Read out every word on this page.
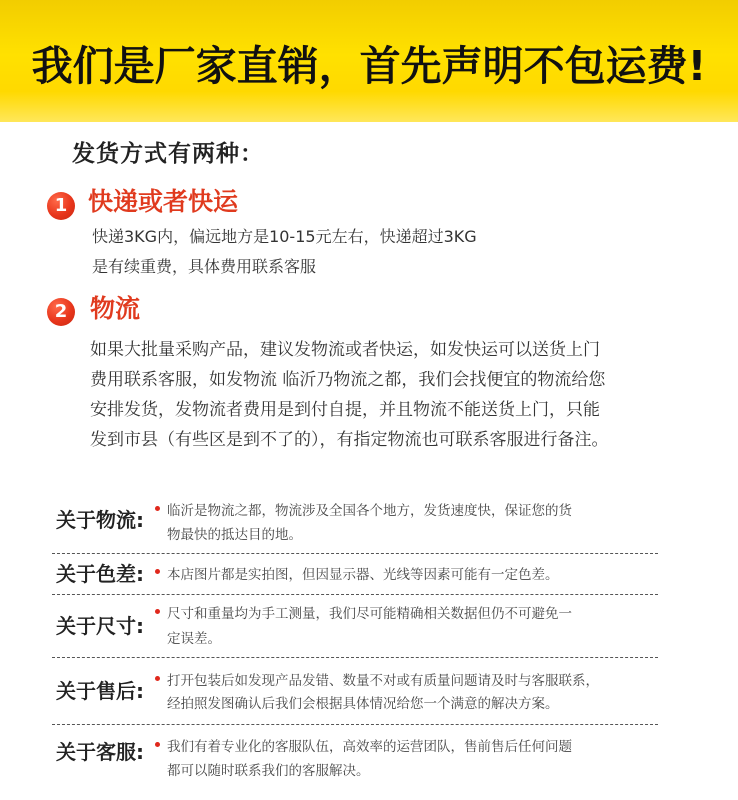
我们是厂家直销，首先声明不包运费!
发货方式有两种：
1 快递或者快运
快递3KG内，偏远地方是10-15元左右，快递超过3KG
是有续重费，具体费用联系客服
2 物流
如果大批量采购产品，建议发物流或者快运，如发快运可以送货上门
费用联系客服，如发物流 临沂乃物流之都，我们会找便宜的物流给您
安排发货，发物流者费用是到付自提，并且物流不能送货上门，只能
发到市县（有些区是到不了的），有指定物流也可联系客服进行备注。
关于物流: 临沂是物流之都，物流涉及全国各个地方，发货速度快，保证您的货
物最快的抵达目的地。
关于色差: 本店图片都是实拍图，但因显示器、光线等因素可能有一定色差。
关于尺寸: 尺寸和重量均为手工测量，我们尽可能精确相关数据但仍不可避免一
定误差。
关于售后: 打开包装后如发现产品发错、数量不对或有质量问题请及时与客服联系，
经拍照发图确认后我们会根据具体情况给您一个满意的解决方案。
关于客服: 我们有着专业化的客服队伍，高效率的运营团队，售前售后任何问题
都可以随时联系我们的客服解决。
